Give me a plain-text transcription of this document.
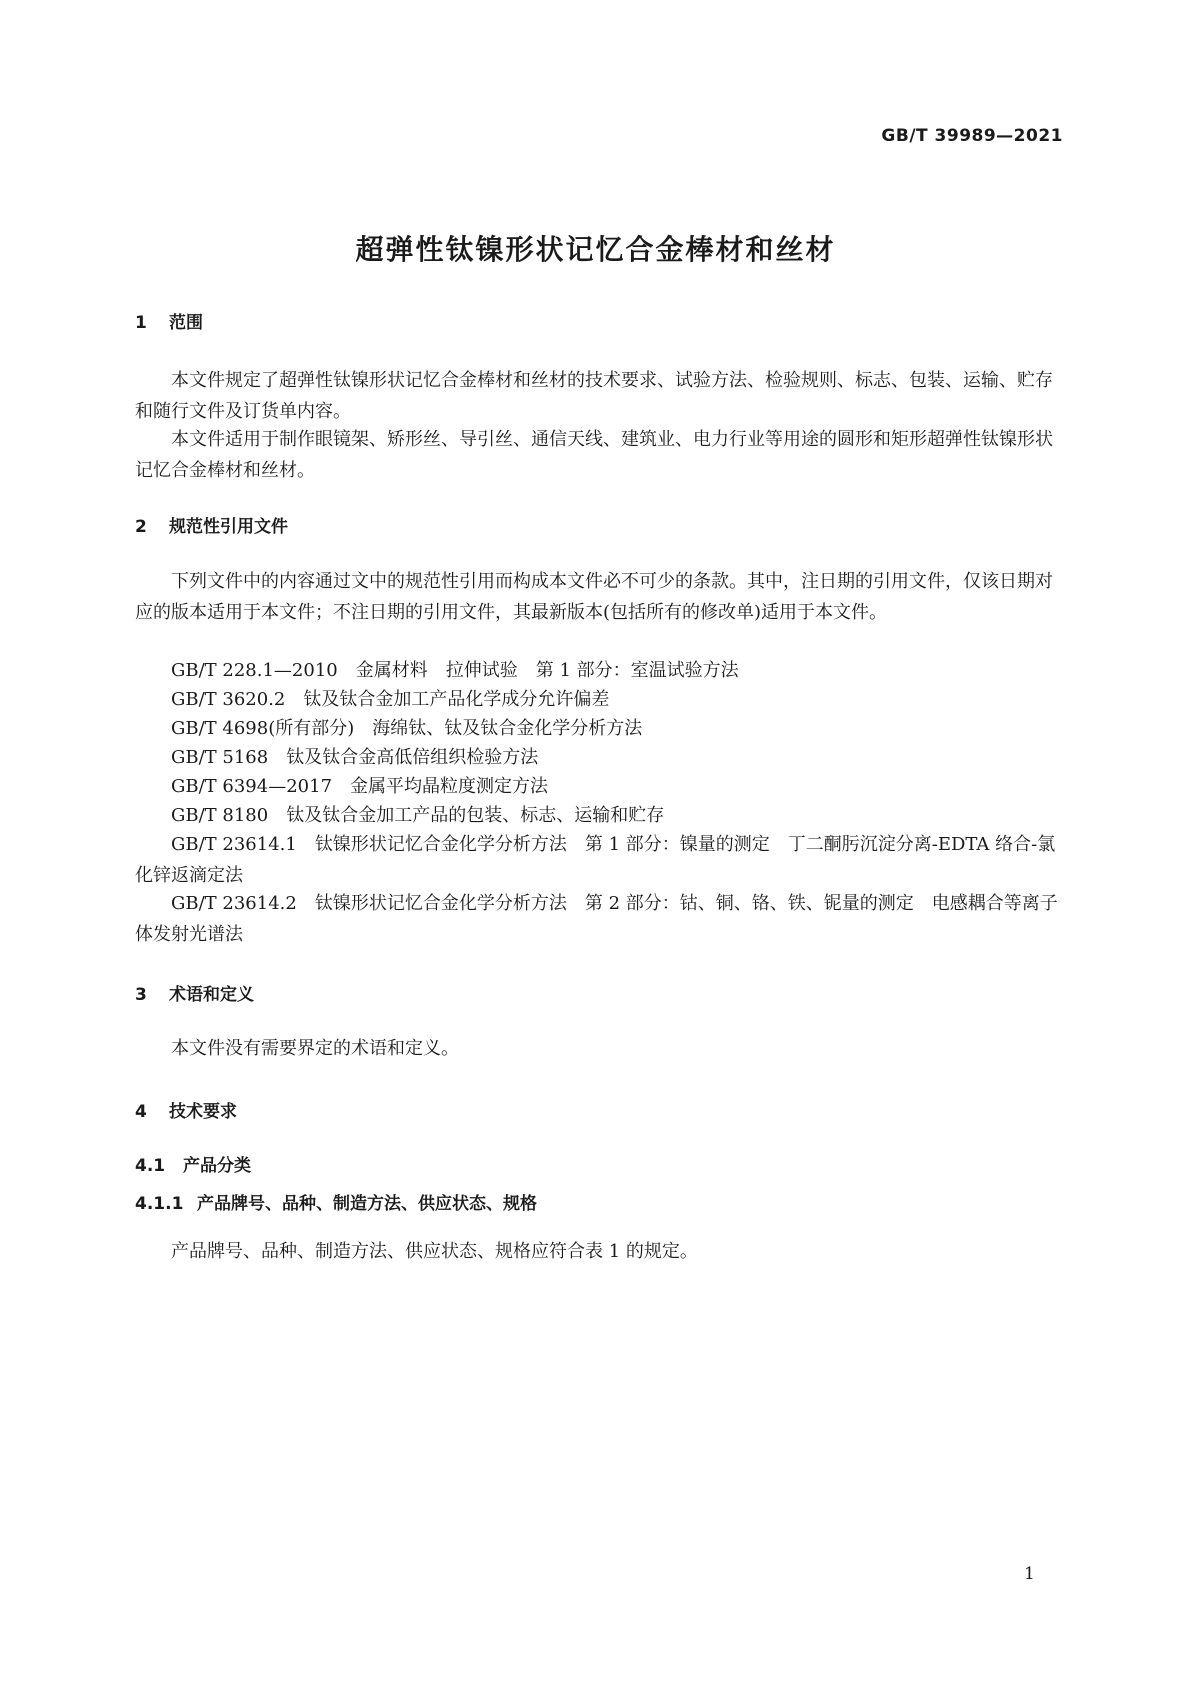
GB/T 39989—2021
超弹性钛镍形状记忆合金棒材和丝材
1 范围
本文件规定了超弹性钛镍形状记忆合金棒材和丝材的技术要求、试验方法、检验规则、标志、包装、运输、贮存和随行文件及订货单内容。
本文件适用于制作眼镜架、矫形丝、导引丝、通信天线、建筑业、电力行业等用途的圆形和矩形超弹性钛镍形状记忆合金棒材和丝材。
2 规范性引用文件
下列文件中的内容通过文中的规范性引用而构成本文件必不可少的条款。其中，注日期的引用文件，仅该日期对应的版本适用于本文件；不注日期的引用文件，其最新版本(包括所有的修改单)适用于本文件。
GB/T 228.1—2010 金属材料　拉伸试验　第 1 部分：室温试验方法
GB/T 3620.2 钛及钛合金加工产品化学成分允许偏差
GB/T 4698(所有部分) 海绵钛、钛及钛合金化学分析方法
GB/T 5168 钛及钛合金高低倍组织检验方法
GB/T 6394—2017 金属平均晶粒度测定方法
GB/T 8180 钛及钛合金加工产品的包装、标志、运输和贮存
GB/T 23614.1 钛镍形状记忆合金化学分析方法　第 1 部分：镍量的测定　丁二酮肟沉淀分离-EDTA 络合-氯化锌返滴定法
GB/T 23614.2 钛镍形状记忆合金化学分析方法　第 2 部分：钴、铜、铬、铁、铌量的测定　电感耦合等离子体发射光谱法
3 术语和定义
本文件没有需要界定的术语和定义。
4 技术要求
4.1 产品分类
4.1.1 产品牌号、品种、制造方法、供应状态、规格
产品牌号、品种、制造方法、供应状态、规格应符合表 1 的规定。
1
